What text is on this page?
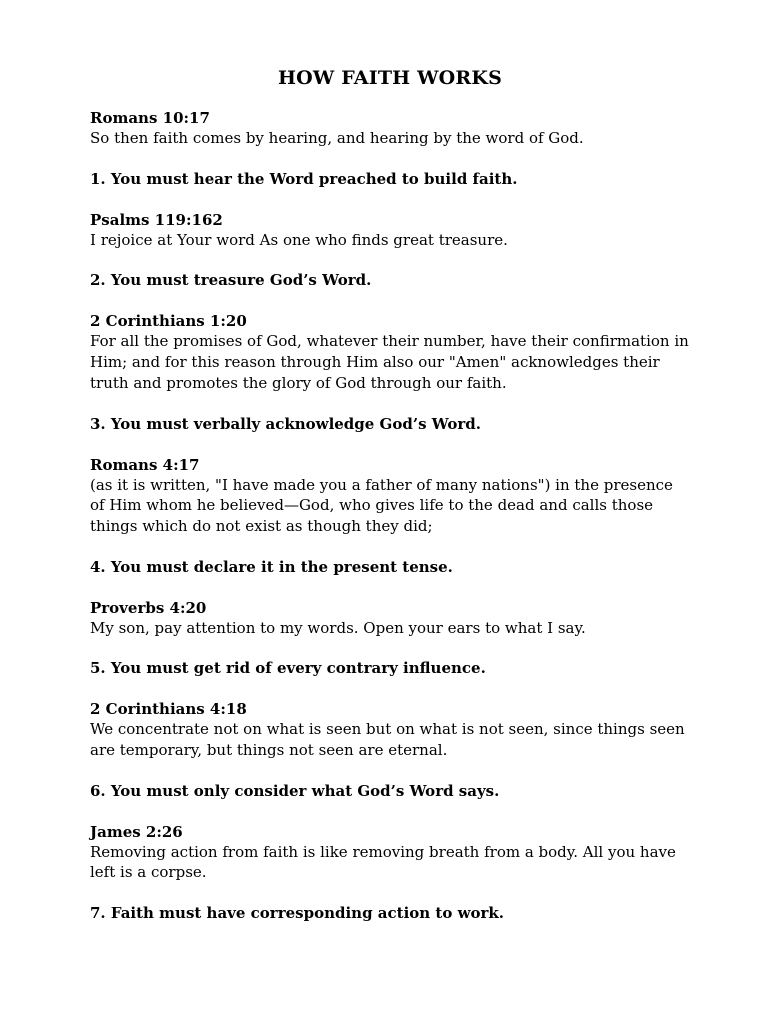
HOW FAITH WORKS

Romans 10:17

So then faith comes by hearing, and hearing by the word of God.

1. You must hear the Word preached to build faith.

Psalms 119:162

I rejoice at Your word As one who finds great treasure.

2. You must treasure God’s Word.

2 Corinthians 1:20

For all the promises of God, whatever their number, have their confirmation in Him; and for this reason through Him also our "Amen" acknowledges their truth and promotes the glory of God through our faith.

3. You must verbally acknowledge God’s Word.

Romans 4:17

(as it is written, "I have made you a father of many nations") in the presence of Him whom he believed—God, who gives life to the dead and calls those things which do not exist as though they did;

4. You must declare it in the present tense.

Proverbs 4:20

My son, pay attention to my words. Open your ears to what I say.

5. You must get rid of every contrary influence.

2 Corinthians 4:18

We concentrate not on what is seen but on what is not seen, since things seen are temporary, but things not seen are eternal.

6. You must only consider what God’s Word says.

James 2:26

Removing action from faith is like removing breath from a body. All you have left is a corpse.

7. Faith must have corresponding action to work.
